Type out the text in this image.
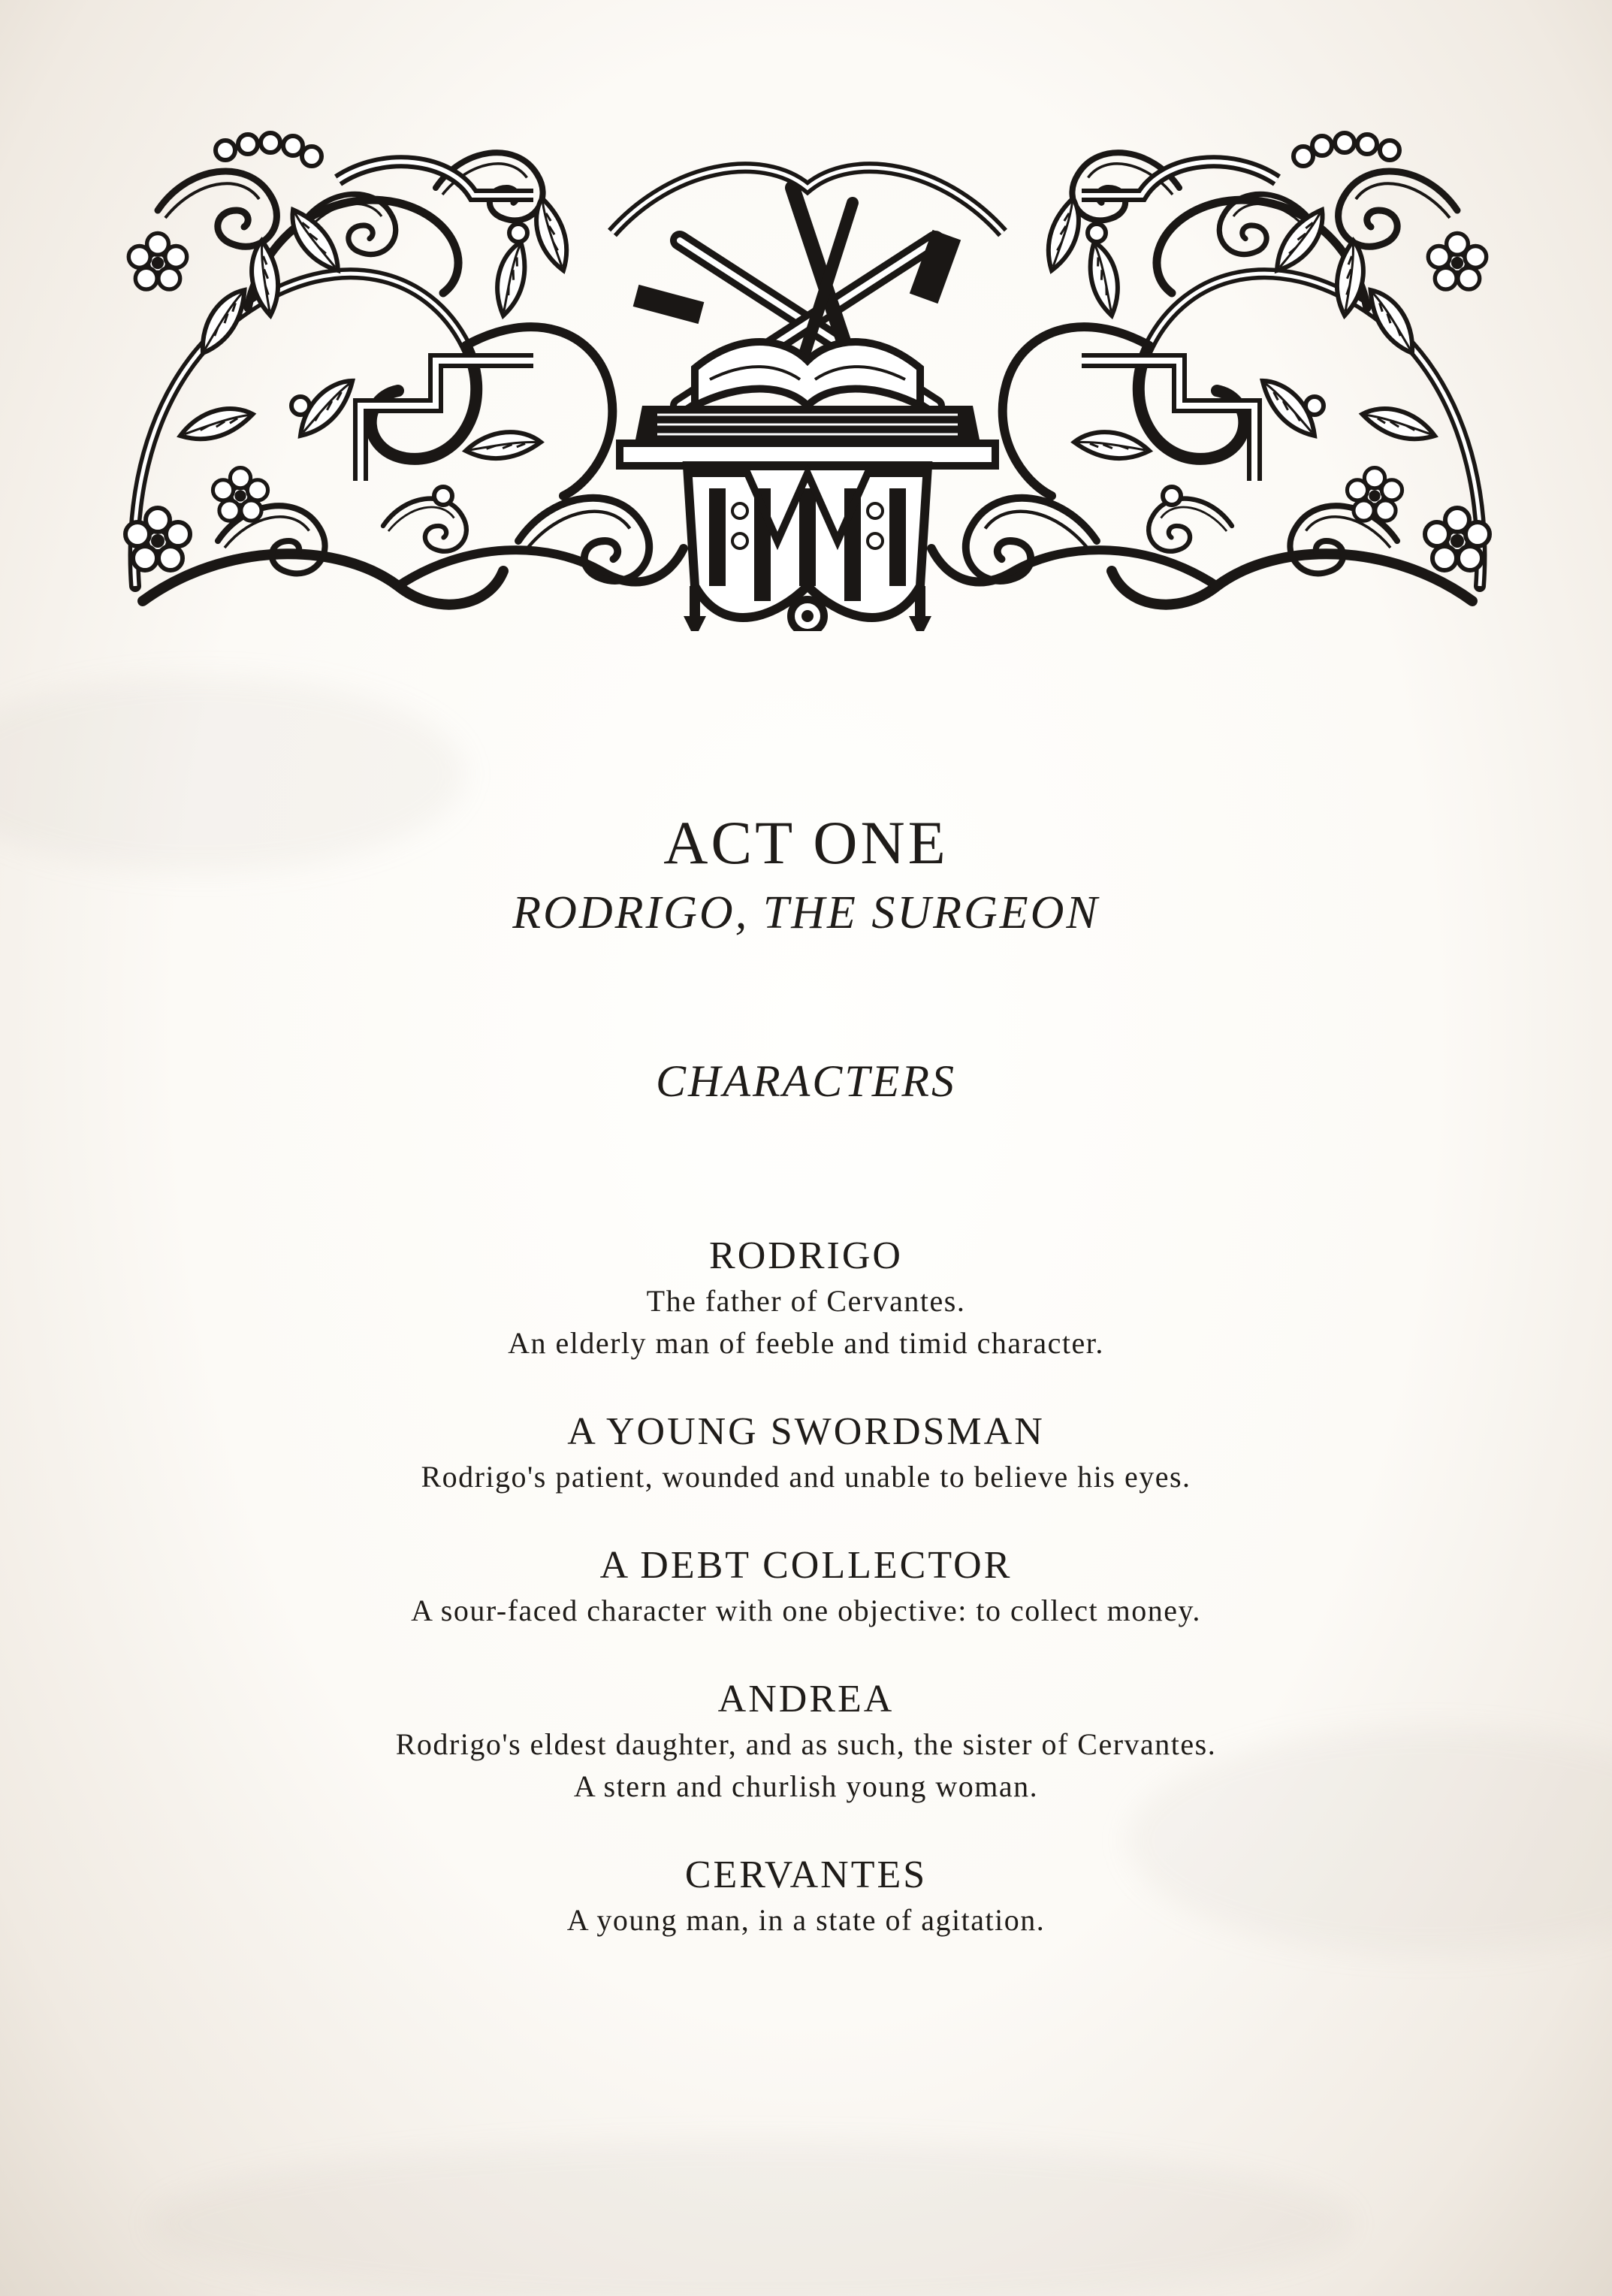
ACT ONE
RODRIGO, THE SURGEON
CHARACTERS

RODRIGO

The father of Cervantes.

An elderly man of feeble and timid character.

A YOUNG SWORDSMAN

Rodrigo's patient, wounded and unable to believe his eyes.

A DEBT COLLECTOR

A sour-faced character with one objective: to collect money.

ANDREA

Rodrigo's eldest daughter, and as such, the sister of Cervantes.

A stern and churlish young woman.

CERVANTES

A young man, in a state of agitation.
